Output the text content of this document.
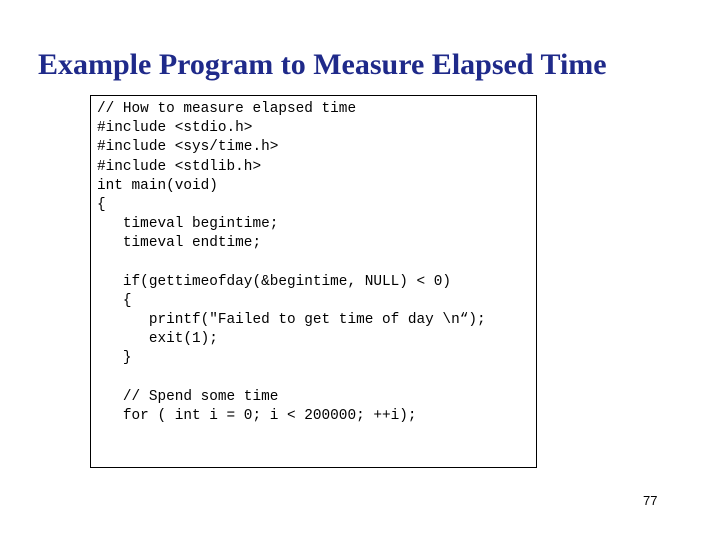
Example Program to Measure Elapsed Time
// How to measure elapsed time
#include <stdio.h>
#include <sys/time.h>
#include <stdlib.h>
int main(void)
{
timeval begintime;
timeval endtime;
if(gettimeofday(&begintime, NULL) < 0)
{
printf("Failed to get time of day \n“);
exit(1);
}
// Spend some time
for ( int i = 0; i < 200000; ++i);
77
